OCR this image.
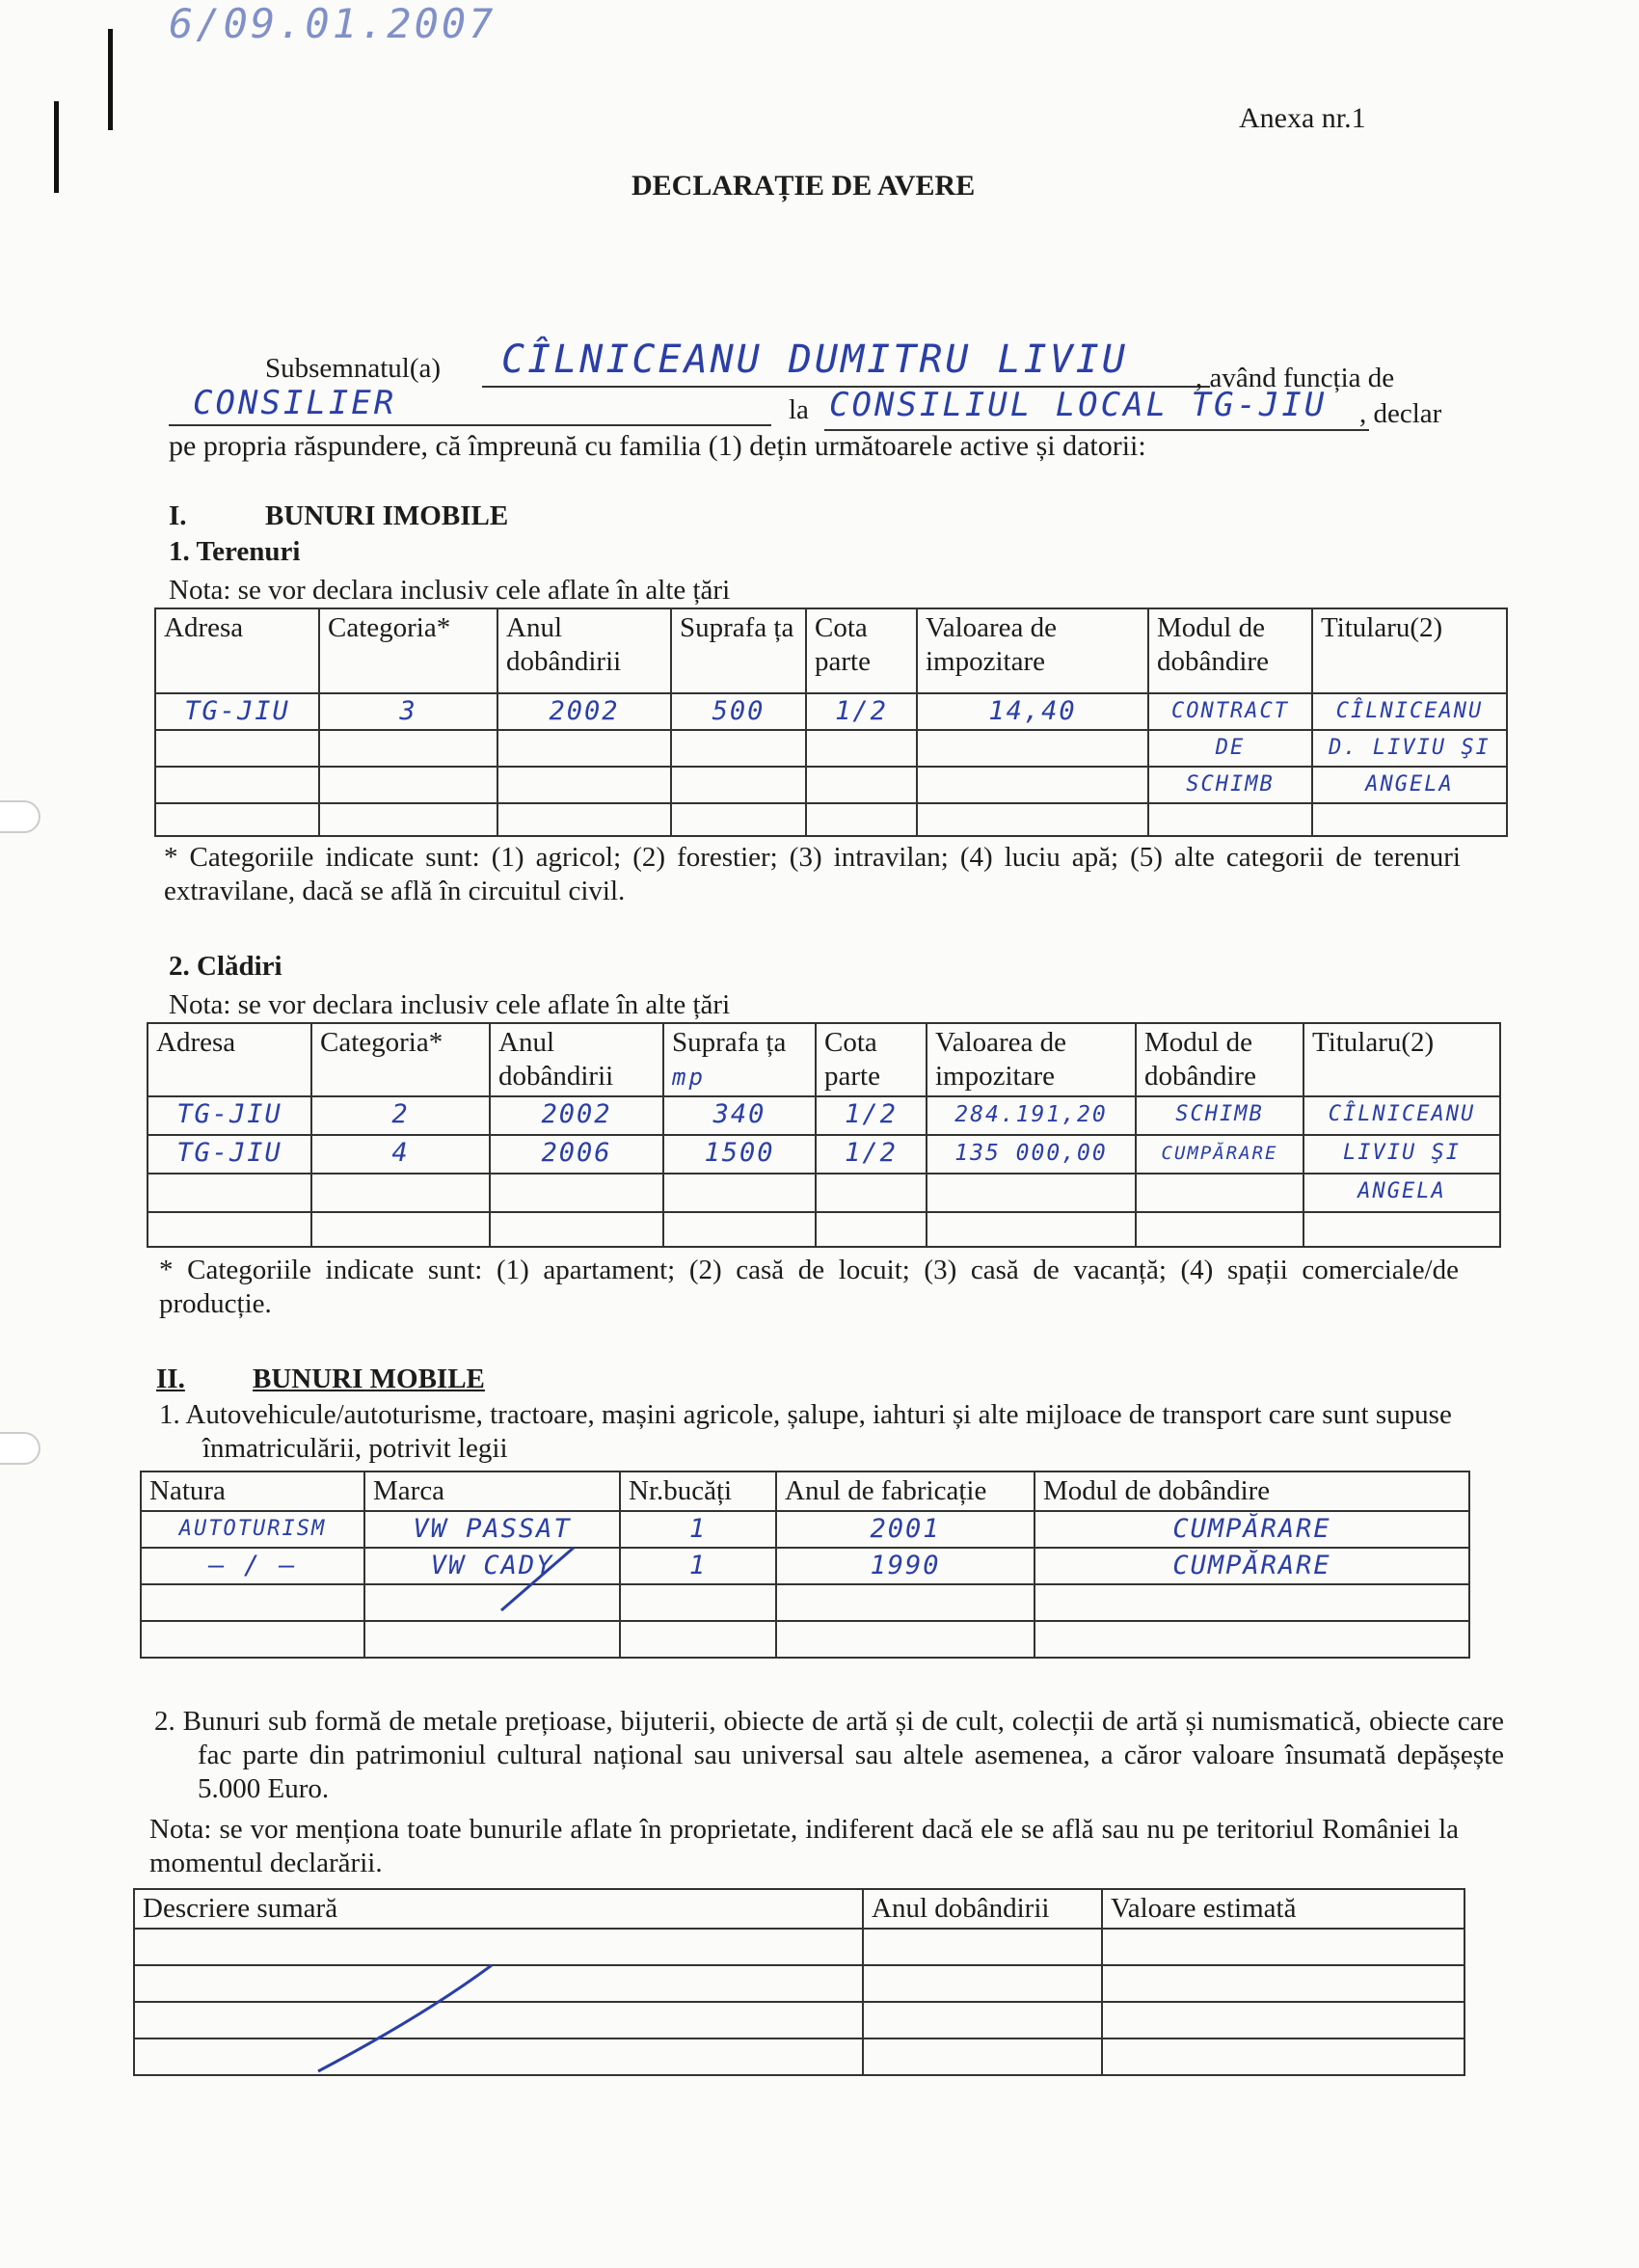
6/09.01.2007
Anexa nr.1
DECLARAȚIE DE AVERE
Subsemnatul(a) CÎLNICEANU DUMITRU LIVIU , având funcția de
CONSILIER	la CONSILIUL LOCAL TG-JIU , declar
pe propria răspundere, că împreună cu familia (1) dețin următoarele active și datorii:
I.	BUNURI IMOBILE
1. Terenuri
Nota: se vor declara inclusiv cele aflate în alte țări
Adresa	Categoria*	Anul dobândirii	Suprafa ța	Cota parte	Valoarea de impozitare	Modul de dobândire	Titularu(2)
TG-JIU	3	2002	500	1/2	14,40	CONTRACT	CÎLNICEANU
						DE	D. LIVIU ŞI
						SCHIMB	ANGELA

* Categoriile indicate sunt: (1) agricol; (2) forestier; (3) intravilan; (4) luciu apă; (5) alte categorii de terenuri extravilane, dacă se află în circuitul civil.
2. Clădiri
Nota: se vor declara inclusiv cele aflate în alte țări
Adresa	Categoria*	Anul dobândirii	Suprafa ța mp	Cota parte	Valoarea de impozitare	Modul de dobândire	Titularu(2)
TG-JIU	2	2002	340	1/2	284.191,20	SCHIMB	CÎLNICEANU
TG-JIU	4	2006	1500	1/2	135 000,00	CUMPĂRARE	LIVIU ŞI
							ANGELA

* Categoriile indicate sunt: (1) apartament; (2) casă de locuit; (3) casă de vacanță; (4) spații comerciale/de producție.
II. BUNURI MOBILE
1. Autovehicule/autoturisme, tractoare, mașini agricole, șalupe, iahturi și alte mijloace de transport care sunt supuse înmatriculării, potrivit legii
Natura	Marca	Nr.bucăți	Anul de fabricație	Modul de dobândire
AUTOTURISM	VW PASSAT	1	2001	CUMPĂRARE
— / —	VW CADY	1	1990	CUMPĂRARE

2. Bunuri sub formă de metale prețioase, bijuterii, obiecte de artă și de cult, colecții de artă și numismatică, obiecte care fac parte din patrimoniul cultural național sau universal sau altele asemenea, a căror valoare însumată depășește 5.000 Euro.
Nota: se vor menționa toate bunurile aflate în proprietate, indiferent dacă ele se află sau nu pe teritoriul României la momentul declarării.
Descriere sumară	Anul dobândirii	Valoare estimată
